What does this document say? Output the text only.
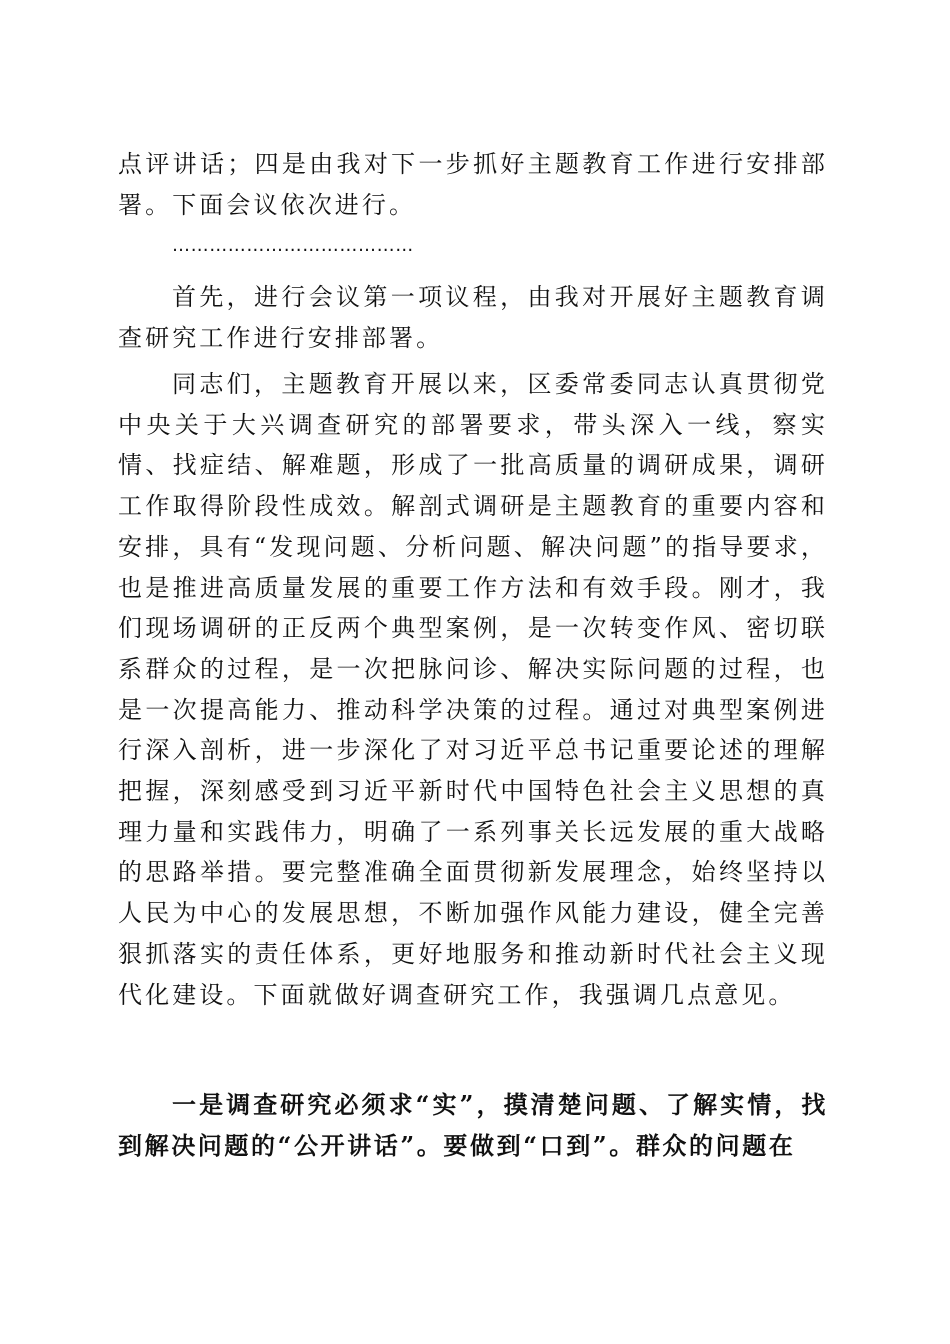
点评讲话；四是由我对下一步抓好主题教育工作进行安排部署。下面会议依次进行。

…………………………………

首先，进行会议第一项议程，由我对开展好主题教育调查研究工作进行安排部署。

同志们，主题教育开展以来，区委常委同志认真贯彻党中央关于大兴调查研究的部署要求，带头深入一线，察实情、找症结、解难题，形成了一批高质量的调研成果，调研工作取得阶段性成效。解剖式调研是主题教育的重要内容和安排，具有“发现问题、分析问题、解决问题”的指导要求，也是推进高质量发展的重要工作方法和有效手段。刚才，我们现场调研的正反两个典型案例，是一次转变作风、密切联系群众的过程，是一次把脉问诊、解决实际问题的过程，也是一次提高能力、推动科学决策的过程。通过对典型案例进行深入剖析，进一步深化了对习近平总书记重要论述的理解把握，深刻感受到习近平新时代中国特色社会主义思想的真理力量和实践伟力，明确了一系列事关长远发展的重大战略的思路举措。要完整准确全面贯彻新发展理念，始终坚持以人民为中心的发展思想，不断加强作风能力建设，健全完善狠抓落实的责任体系，更好地服务和推动新时代社会主义现代化建设。下面就做好调查研究工作，我强调几点意见。

一是调查研究必须求“实”，摸清楚问题、了解实情，找到解决问题的“公开讲话”。要做到“口到”。群众的问题在
